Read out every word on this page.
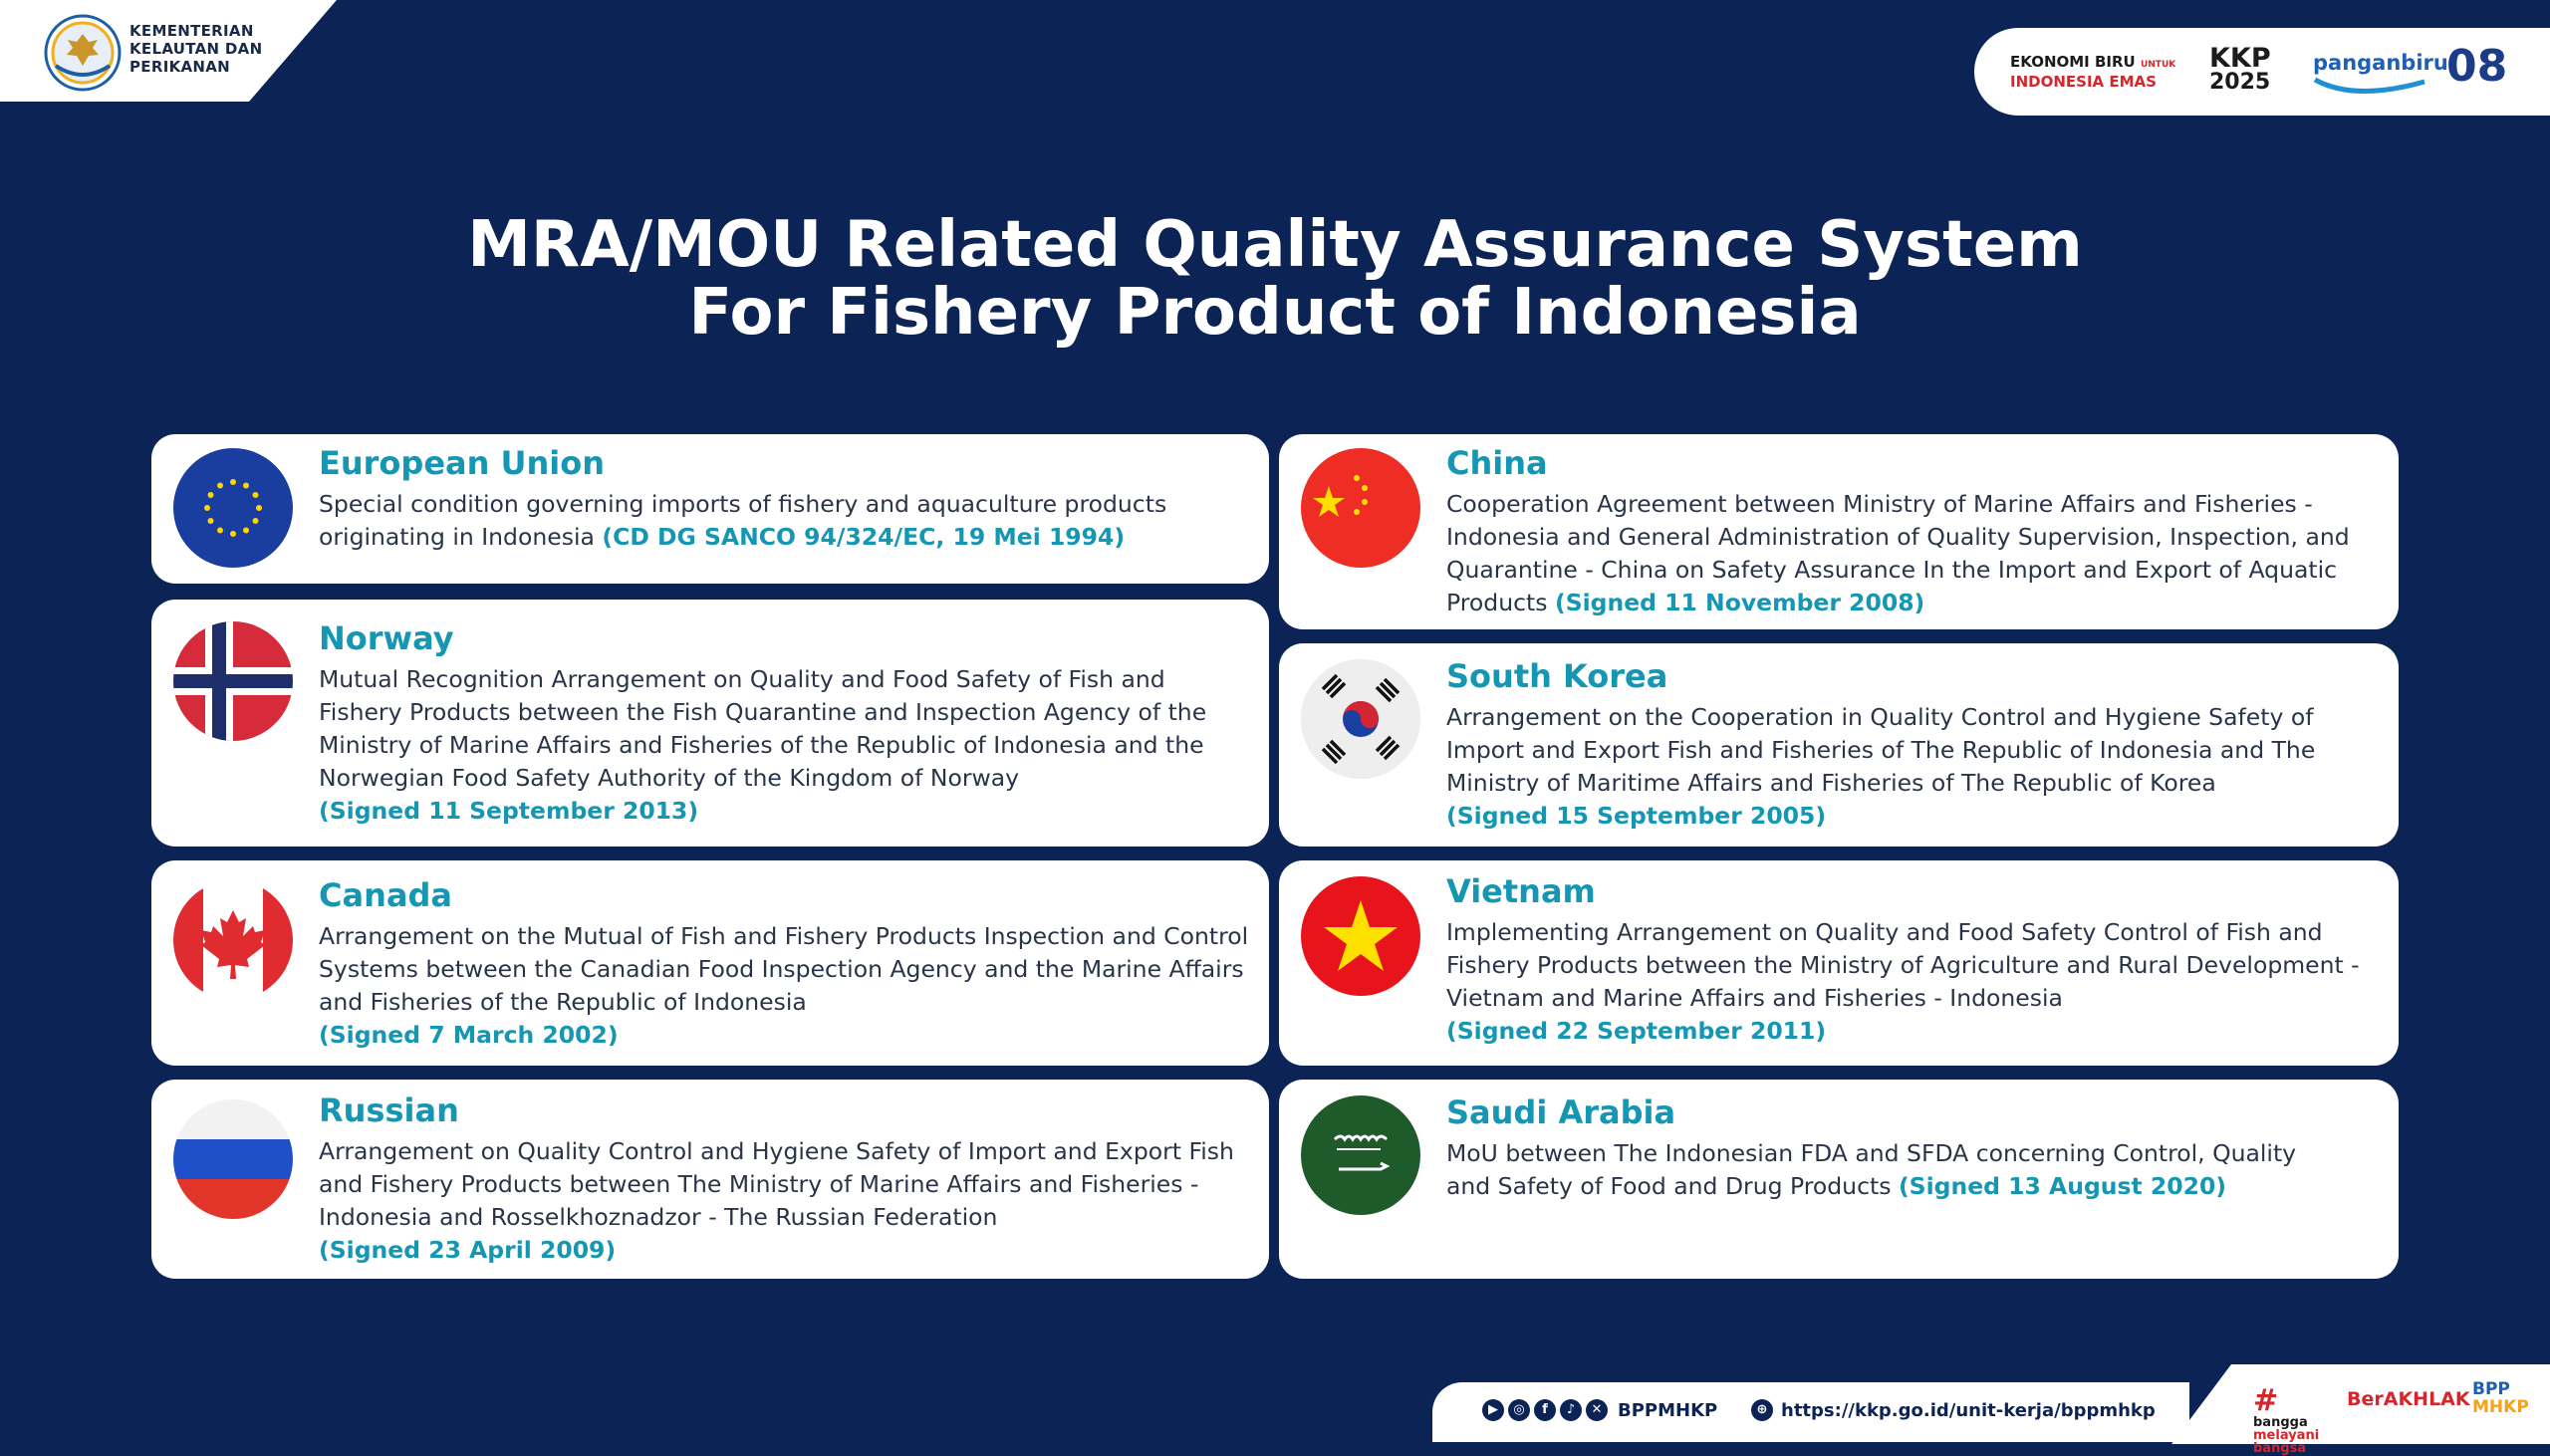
KEMENTERIAN
KELAUTAN DAN
PERIKANAN	EKONOMI BIRU UNTUK
INDONESIA EMAS
KKP
2025
panganbiru
08
MRA/MOU Related Quality Assurance System
For Fishery Product of Indonesia
European Union
Special condition governing imports of fishery and aquaculture products originating in Indonesia (CD DG SANCO 94/324/EC, 19 Mei 1994)
Norway
Mutual Recognition Arrangement on Quality and Food Safety of Fish and Fishery Products between the Fish Quarantine and Inspection Agency of the Ministry of Marine Affairs and Fisheries of the Republic of Indonesia and the Norwegian Food Safety Authority of the Kingdom of Norway
(Signed 11 September 2013)
Canada
Arrangement on the Mutual of Fish and Fishery Products Inspection and Control Systems between the Canadian Food Inspection Agency and the Marine Affairs and Fisheries of the Republic of Indonesia
(Signed 7 March 2002)
Russian
Arrangement on Quality Control and Hygiene Safety of Import and Export Fish and Fishery Products between The Ministry of Marine Affairs and Fisheries - Indonesia and Rosselkhoznadzor - The Russian Federation
(Signed 23 April 2009)
China
Cooperation Agreement between Ministry of Marine Affairs and Fisheries - Indonesia and General Administration of Quality Supervision, Inspection, and Quarantine - China on Safety Assurance In the Import and Export of Aquatic Products (Signed 11 November 2008)
South Korea
Arrangement on the Cooperation in Quality Control and Hygiene Safety of Import and Export Fish and Fisheries of The Republic of Indonesia and The Ministry of Maritime Affairs and Fisheries of The Republic of Korea
(Signed 15 September 2005)
Vietnam
Implementing Arrangement on Quality and Food Safety Control of Fish and Fishery Products between the Ministry of Agriculture and Rural Development - Vietnam and Marine Affairs and Fisheries - Indonesia
(Signed 22 September 2011)
Saudi Arabia
MoU between The Indonesian FDA and SFDA concerning Control, Quality and Safety of Food and Drug Products (Signed 13 August 2020)
▶	◎	f	♪	✕ BPPMHKP	⊕ https://kkp.go.id/unit-kerja/bppmhkp	#
bangga
melayani
bangsa
BerAKHLAK BPP
MHKP
